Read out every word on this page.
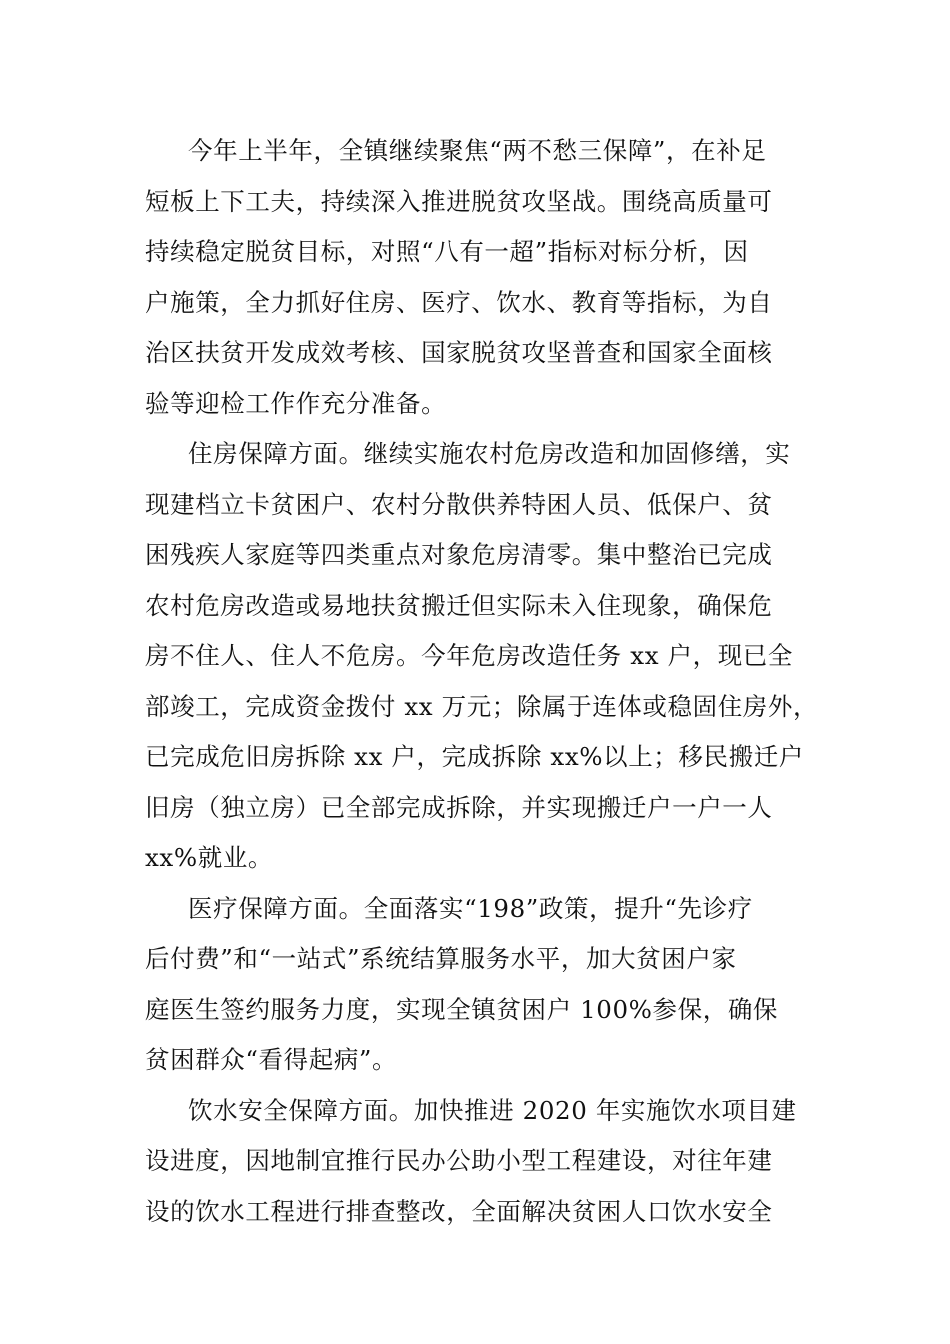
今年上半年，全镇继续聚焦“两不愁三保障”，在补足
短板上下工夫，持续深入推进脱贫攻坚战。围绕高质量可
持续稳定脱贫目标，对照“八有一超”指标对标分析，因
户施策，全力抓好住房、医疗、饮水、教育等指标，为自
治区扶贫开发成效考核、国家脱贫攻坚普查和国家全面核
验等迎检工作作充分准备。
住房保障方面。继续实施农村危房改造和加固修缮，实
现建档立卡贫困户、农村分散供养特困人员、低保户、贫
困残疾人家庭等四类重点对象危房清零。集中整治已完成
农村危房改造或易地扶贫搬迁但实际未入住现象，确保危
房不住人、住人不危房。今年危房改造任务 xx 户，现已全
部竣工，完成资金拨付 xx 万元；除属于连体或稳固住房外，
已完成危旧房拆除 xx 户，完成拆除 xx%以上；移民搬迁户
旧房（独立房）已全部完成拆除，并实现搬迁户一户一人
xx%就业。
医疗保障方面。全面落实“198”政策，提升“先诊疗
后付费”和“一站式”系统结算服务水平，加大贫困户家
庭医生签约服务力度，实现全镇贫困户 100%参保，确保
贫困群众“看得起病”。
饮水安全保障方面。加快推进 2020 年实施饮水项目建
设进度，因地制宜推行民办公助小型工程建设，对往年建
设的饮水工程进行排查整改，全面解决贫困人口饮水安全
